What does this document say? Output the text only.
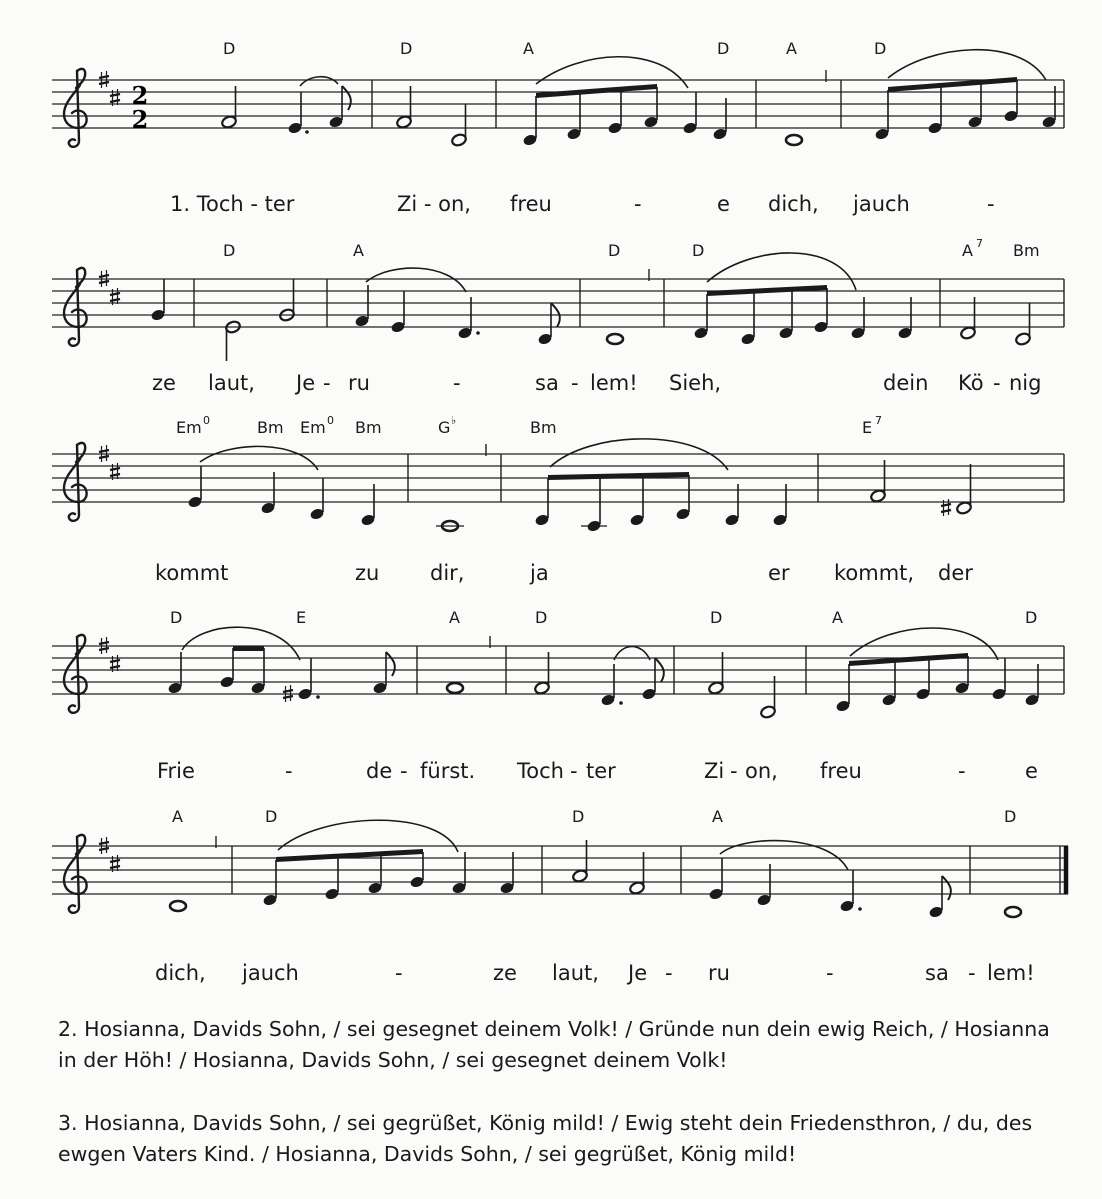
D	D	A	D	A	D
2
2
1. Toch - ter	Zi - on, freu	-	e dich, jauch	-
D	A	D	D	A 7 Bm
ze laut, Je - ru	-	sa - lem! Sieh,	dein Kö - nig
Em 0	Bm Em 0 Bm	G ♭	Bm	E 7
kommt	zu dir,	ja	er kommt, der
D	E	A	D	D	A	D
Frie	-	de - fürst. Toch - ter	Zi - on, freu	-	e
A	D	D	A	D
dich, jauch	-	ze laut, Je - ru	-	sa - lem!
2. Hosianna, Davids Sohn, / sei gesegnet deinem Volk! / Gründe nun dein ewig Reich, / Hosianna in der Höh! / Hosianna, Davids Sohn, / sei gesegnet deinem Volk!
3. Hosianna, Davids Sohn, / sei gegrüßet, König mild! / Ewig steht dein Friedensthron, / du, des ewgen Vaters Kind. / Hosianna, Davids Sohn, / sei gegrüßet, König mild!
